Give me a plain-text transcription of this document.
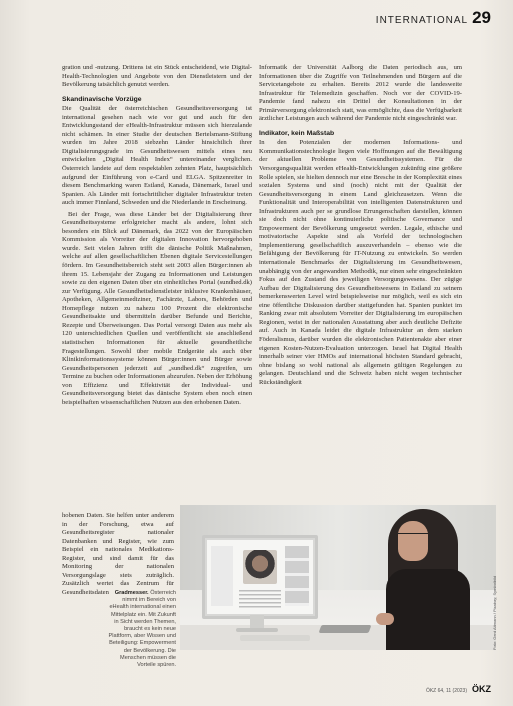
INTERNATIONAL 29

gration und -nutzung. Drittens ist ein Stück entscheidend, wie Digital-Health-Technologien und Angebote von den Dienstleistern und der Bevölkerung tatsächlich genutzt werden.

Skandinavische Vorzüge

Die Qualität der österreichischen Gesundheitsversorgung ist international gesehen nach wie vor gut und auch für den Entwicklungsstand der eHealth-Infrastruktur müssen sich hierzulande nicht schämen. In einer Studie der deutschen Bertelsmann-Stiftung wurden im Jahre 2018 siebzehn Länder hinsichtlich ihrer Digitalisierungsgrade im Gesundheitswesen mittels eines neu entwickelten „Digital Health Index“ untereinander verglichen. Österreich landete auf dem respektablen zehnten Platz, hauptsächlich aufgrund der Einführung von e-Card und ELGA. Spitzenreiter in diesem Benchmarking waren Estland, Kanada, Dänemark, Israel und Spanien. Als Länder mit fortschrittlicher digitaler Infrastruktur treten auch immer Finnland, Schweden und die Niederlande in Erscheinung.

Bei der Frage, was diese Länder bei der Digitalisierung ihrer Gesundheitssysteme erfolgreicher macht als andere, lohnt sich besonders ein Blick auf Dänemark, das 2022 von der Europäischen Kommission als Vorreiter der digitalen Innovation hervorgehoben wurde. Seit vielen Jahren trifft die dänische Politik Maßnahmen, welche auf allen gesellschaftlichen Ebenen digitale Servicestellungen fördern. Im Gesundheitsbereich steht seit 2003 allen Bürger:innen ab ihrem 15. Lebensjahr der Zugang zu Informationen und Leistungen sowie zu den eigenen Daten über ein einheitliches Portal (sundhed.dk) zur Verfügung. Alle Gesundheitsdienstleister inklusive Krankenhäuser, Apotheken, Allgemeinmediziner, Fachärzte, Labors, Behörden und Homepflege nutzen zu nahezu 100 Prozent die elektronische Gesundheitsakte und übermitteln darüber Befunde und Berichte, Rezepte und Überweisungen. Das Portal versorgt Daten aus mehr als 120 unterschiedlichen Quellen und veröffentlicht sie anschließend statistischen Informationen für aktuelle gesundheitliche Fragestellungen. Sowohl über mobile Endgeräte als auch über Klinikinformationssysteme können Bürger:innen und Bürger sowie Gesundheitspersonen jederzeit auf „sundhed.dk“ zugreifen, um Termine zu buchen oder Informationen abzurufen. Neben der Erhöhung von Effizienz und Effektivität der Individual- und Gesundheitsversorgung bietet das dänische System eben noch einen beispielhaften wissenschaftlichen Nutzen aus den erhobenen Daten.

hobenen Daten. Sie helfen unter anderem in der Forschung, etwa auf Gesundheitsregister nationaler Datenbanken und Register, wie zum Beispiel ein nationales Medikations-Register, und sind damit für das Monitoring der nationalen Versorgungslage stets zuträglich. Zusätzlich wertet das Zentrum für Gesundheitsdaten

Informatik der Universität Aalborg die Daten periodisch aus, um Informationen über die Zugriffe von Teilnehmenden und Bürgern auf die Servicetangebote zu erhalten. Bereits 2012 wurde die landesweite Infrastruktur für Telemedizin geschaffen. Noch vor der COVID-19-Pandemie fand nahezu ein Drittel der Konsultationen in der Primärversorgung elektronisch statt, was ermöglichte, dass die Verfügbarkeit ärztlicher Leistungen auch während der Pandemie nicht eingeschränkt war.

Indikator, kein Maßstab

In den Potenzialen der modernen Informations- und Kommunikationstechnologie liegen viele Hoffnungen auf die Bewältigung der aktuellen Probleme von Gesundheitssystemen. Für die Versorgungsqualität werden eHealth-Entwicklungen zukünftig eine größere Rolle spielen, sie hielten dennoch nur eine Bresche in der Komplexität eines sozialen Systems und sind (noch) nicht mit der Qualität der Gesundheitsversorgung in einem Land gleichzusetzen. Wenn die Funktionalität und Interoperabilität von intelligenten Datenstrukturen und Infrastrukturen auch per se grundlose Errungenschaften darstellen, können sie doch nicht ohne kontinuierliche politische Governance und Empowerment der Bevölkerung umgesetzt werden. Legale, ethische und motivatorische Aspekte sind als Vorfeld der technologischen Implementierung gesellschaftlich auszuverhandeln – ebenso wie die Befähigung der Bevölkerung für IT-Nutzung zu entwickeln. So werden internationale Benchmarks der Digitalisierung im Gesundheitswesen, unabhängig von der angewandten Methodik, nur einen sehr eingeschränkten Fokus auf den Zustand des jeweiligen Versorgungswesens. Der zügige Aufbau der Digitalisierung des Gesundheitswesens in Estland zu seinem bemerkenswerten Level wird beispielsweise nur möglich, weil es sich ein eine öffentliche Diskussion darüber stattgefunden hat. Spanien punktet im Ranking zwar mit absolutem Vorreiter der Digitalisierung im europäischen Regionen, weist in der nationalen Ausstattung aber auch deutliche Defizite auf. Auch in Kanada leidet die digitale Infrastruktur an dem starken Föderalismus, darüber wurden die elektronischen Patientenakte aber einer eigenen Kosten-Nutzen-Evaluation unterzogen. Israel hat Digital Health innerhalb seiner vier HMOs auf international höchsten Standard gebracht, ohne bislang so wohl national als allgemein gültigen Regelungen zu gelangen. Deutschland und die Schweiz haben nicht wegen technischer Rückständigkeit

Foto: Gerd Altmann / Pixabay; Symbolbild
Gradmesser. Österreich nimmt im Bereich von eHealth international einen Mittelplatz ein. Mit Zukunft in Sicht werden Themen, braucht es kein neue Plattform, aber Wissen und Beteiligung: Empowerment der Bevölkerung. Die Menschen müssen die Vorteile spüren.
ÖKZ 64, 11 (2023) ÖKZ
